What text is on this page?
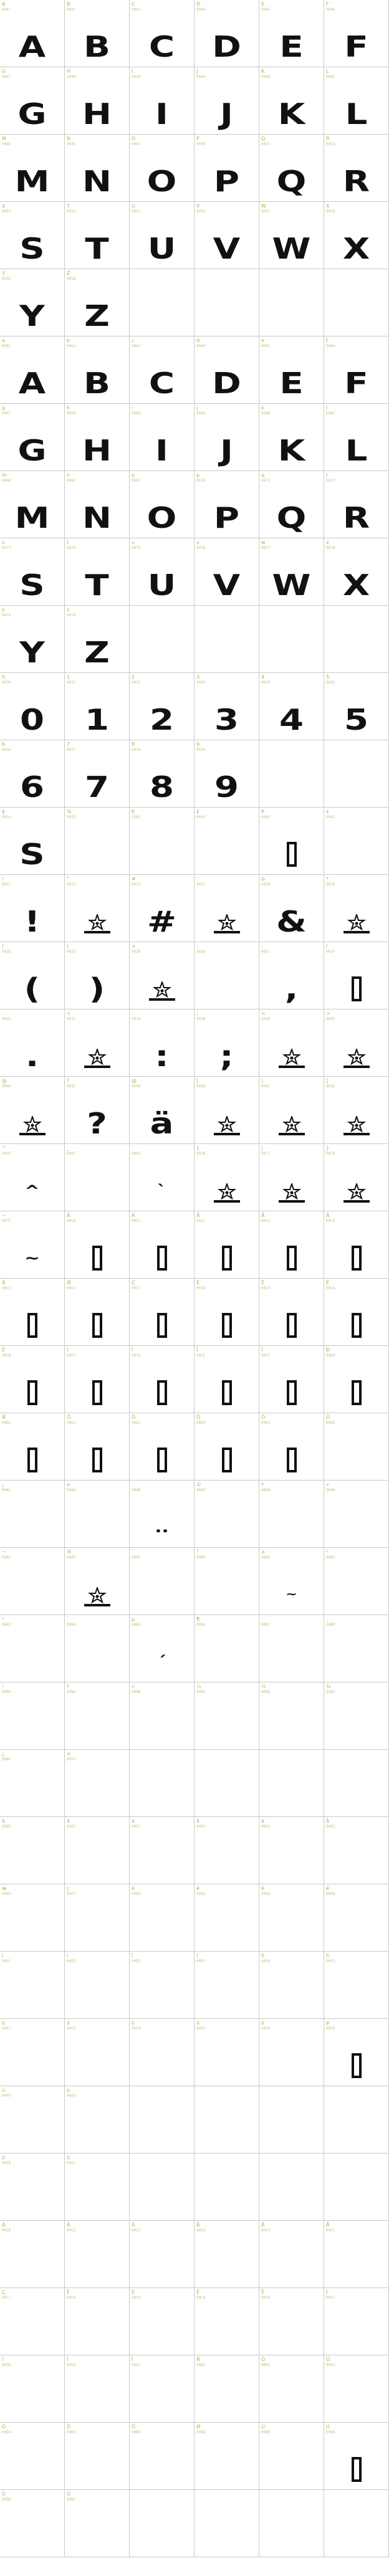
A
0041
A
B
0042
B
C
0043
C
D
0044
D
E
0045
E
F
0046
F
G
0047
G
H
0048
H
I
0049
I
J
004A
J
K
004B
K
L
004C
L
M
004D
M
N
004E
N
O
004F
O
P
0050
P
Q
0051
Q
R
0052
R
S
0053
S
T
0054
T
U
0055
U
V
0056
V
W
0057
W
X
0058
X
Y
0059
Y
Z
005A
Z
a
0061
A
b
0062
B
c
0063
C
d
0064
D
e
0065
E
f
0066
F
g
0067
G
h
0068
H
i
0069
I
j
006A
J
k
006B
K
l
006C
L
m
006D
M
n
006E
N
o
006F
O
p
0070
P
q
0071
Q
r
0072
R
s
0073
S
t
0074
T
u
0075
U
v
0076
V
w
0077
W
x
0078
X
y
0079
Y
z
007A
Z
0
0030
0
1
0031
1
2
0032
2
3
0033
3
4
0034
4
5
0035
5
6
0036
6
7
0037
7
8
0038
8
9
0039
9
$
0024
S
%
0025
€
20AC
£
00A3
¥
00A5
¢
00A2
!
0021
!
"
0022
#
0023
#
'
0027
&
0026
&
*
002A
(
0028
(
)
0029
)
+
002B
-
002D
,
002C
,
/
002F
.
002E
.
<
003C
:
003A
:
;
003B
;
=
003D
>
003E
@
0040
?
003F
?
@
0040
ä
[
005B
\
005C
]
005D
^
005E
^
_
005F
`
0060
`
{
007B
|
007C
}
007D
~
007E
~
À
00C0
Á
00C1
Â
00C2
Ã
00C3
Ä
00C4
Å
00C5
Æ
00C6
Ç
00C7
È
00C8
É
00C9
Ê
00CA
Ë
00CB
Ì
00CC
Í
00CD
Î
00CE
Ï
00CF
Ð
00D0
Ñ
00D1
Ò
00D2
Ó
00D3
Ô
00D4
Õ
00D5
Ö
00D6
¡
00A1
¤
00A4
¨
00A8
..
©
00A9
ª
00AA
«
00AB
¬
00AC
®
00AE
¯
00AF
°
00B0
±
00B1
~
²
00B2
³
00B3
´
00B4
µ
00B5
´
¶
00B6
·
00B7
¸
00B8
¹
00B9
º
00BA
»
00BB
¼
00BC
½
00BD
¾
00BE
¿
00BF
×
00D7
à
00E0
á
00E1
â
00E2
ã
00E3
ä
00E4
å
00E5
æ
00E6
ç
00E7
è
00E8
é
00E9
ê
00EA
ë
00EB
ì
00EC
í
00ED
î
00EE
ï
00EF
ð
00F0
ñ
00F1
ò
00F2
ó
00F3
ô
00F4
õ
00F5
ö
00F6
ø
00F8
ù
00F9
ú
00FA
û
00FB
ü
00FC
À
00C0
Á
00C1
Â
00C2
Ã
00C3
Ä
00C4
Å
00C5
Ç
00C7
È
00C8
É
00C9
Ê
00CA
Ë
00CB
Ì
00CC
Í
00CD
Î
00CE
Ï
00CF
Ñ
00D1
Ò
00D2
Ó
00D3
Ô
00D4
Õ
00D5
Ö
00D6
Ø
00D8
Ù
00D9
Ú
00DA
Û
00DB
Ü
00DC
